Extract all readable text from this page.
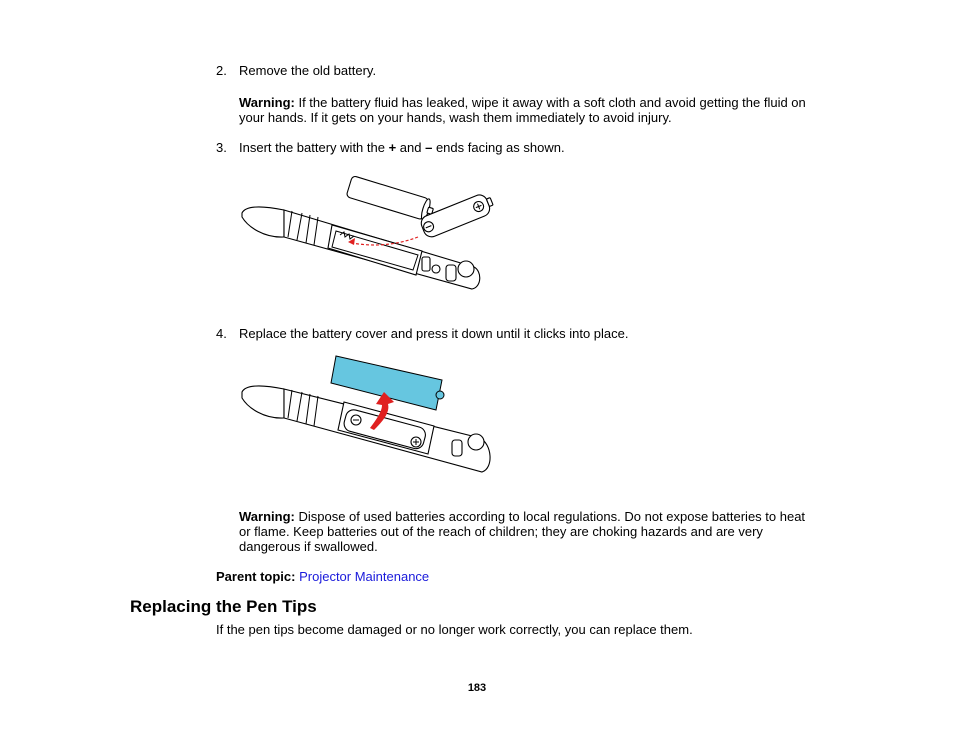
2. Remove the old battery.
Warning: If the battery fluid has leaked, wipe it away with a soft cloth and avoid getting the fluid on your hands. If it gets on your hands, wash them immediately to avoid injury.
3. Insert the battery with the + and – ends facing as shown.
4. Replace the battery cover and press it down until it clicks into place.
Warning: Dispose of used batteries according to local regulations. Do not expose batteries to heat or flame. Keep batteries out of the reach of children; they are choking hazards and are very dangerous if swallowed.
Parent topic: Projector Maintenance
Replacing the Pen Tips
If the pen tips become damaged or no longer work correctly, you can replace them.
183
